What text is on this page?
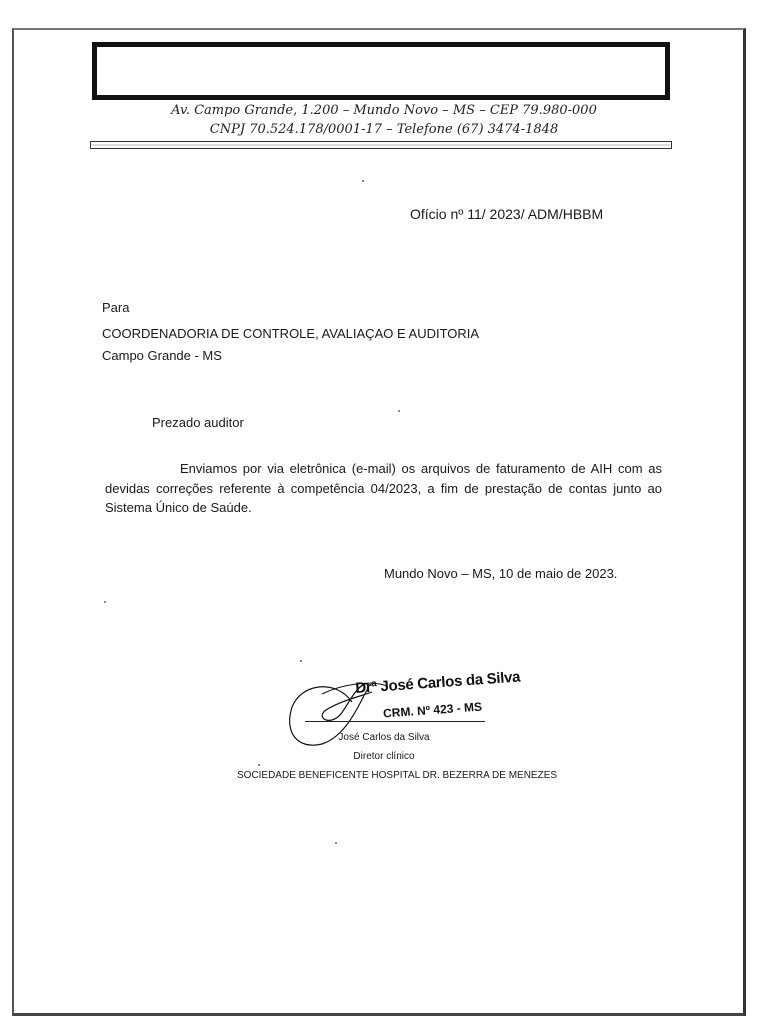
Av. Campo Grande, 1.200 – Mundo Novo – MS – CEP 79.980-000
CNPJ 70.524.178/0001-17 – Telefone (67) 3474-1848
Ofício nº 11/ 2023/ ADM/HBBM
Para
COORDENADORIA DE CONTROLE, AVALIAÇAO E AUDITORIA
Campo Grande - MS
Prezado auditor
Enviamos por via eletrônica (e-mail) os arquivos de faturamento de AIH com as devidas correções referente à competência 04/2023, a fim de prestação de contas junto ao Sistema Único de Saúde.
Mundo Novo – MS, 10 de maio de 2023.
Drª José Carlos da Silva
CRM. Nº 423 - MS
José Carlos da Silva
Diretor clínico
SOCIEDADE BENEFICENTE HOSPITAL DR. BEZERRA DE MENEZES
